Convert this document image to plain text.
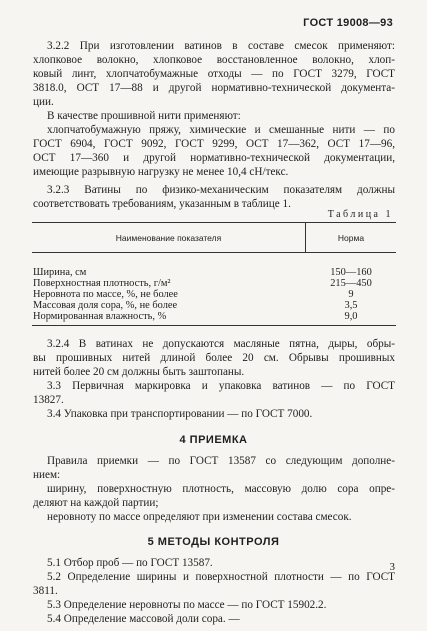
ГОСТ 19008—93
3.2.2 При изготовлении ватинов в составе смесок применяют:
хлопковое волокно, хлопковое восстановленное волокно, хлоп-
ковый линт, хлопчатобумажные отходы — по ГОСТ 3279, ГОСТ
3818.0, ОСТ 17—88 и другой нормативно-технической документа-
ции.
В качестве прошивной нити применяют:
хлопчатобумажную пряжу, химические и смешанные нити — по
ГОСТ 6904, ГОСТ 9092, ГОСТ 9299, ОСТ 17—362, ОСТ 17—96,
ОСТ 17—360 и другой нормативно-технической документации,
имеющие разрывную нагрузку не менее 10,4 сН/текс.
3.2.3 Ватины по физико-механическим показателям должны
соответствовать требованиям, указанным в таблице 1.
Таблица 1
Наименование показателя	Норма
Ширина, см	150—160
Поверхностная плотность, г/м²	215—450
Неровнота по массе, %, не более	9
Массовая доля сора, %, не более	3,5
Нормированная влажность, %	9,0
3.2.4 В ватинах не допускаются масляные пятна, дыры, обры-
вы прошивных нитей длиной более 20 см. Обрывы прошивных
нитей более 20 см должны быть заштопаны.
3.3 Первичная маркировка и упаковка ватинов — по ГОСТ
13827.
3.4 Упаковка при транспортировании — по ГОСТ 7000.
4 ПРИЕМКА
Правила приемки — по ГОСТ 13587 со следующим дополне-
нием:
ширину, поверхностную плотность, массовую долю сора опре-
деляют на каждой партии;
неровноту по массе определяют при изменении состава смесок.
5 МЕТОДЫ КОНТРОЛЯ
5.1 Отбор проб — по ГОСТ 13587.
5.2 Определение ширины и поверхностной плотности — по ГОСТ
3811.
5.3 Определение неровноты по массе — по ГОСТ 15902.2.
5.4 Определение массовой доли сора. —
3
